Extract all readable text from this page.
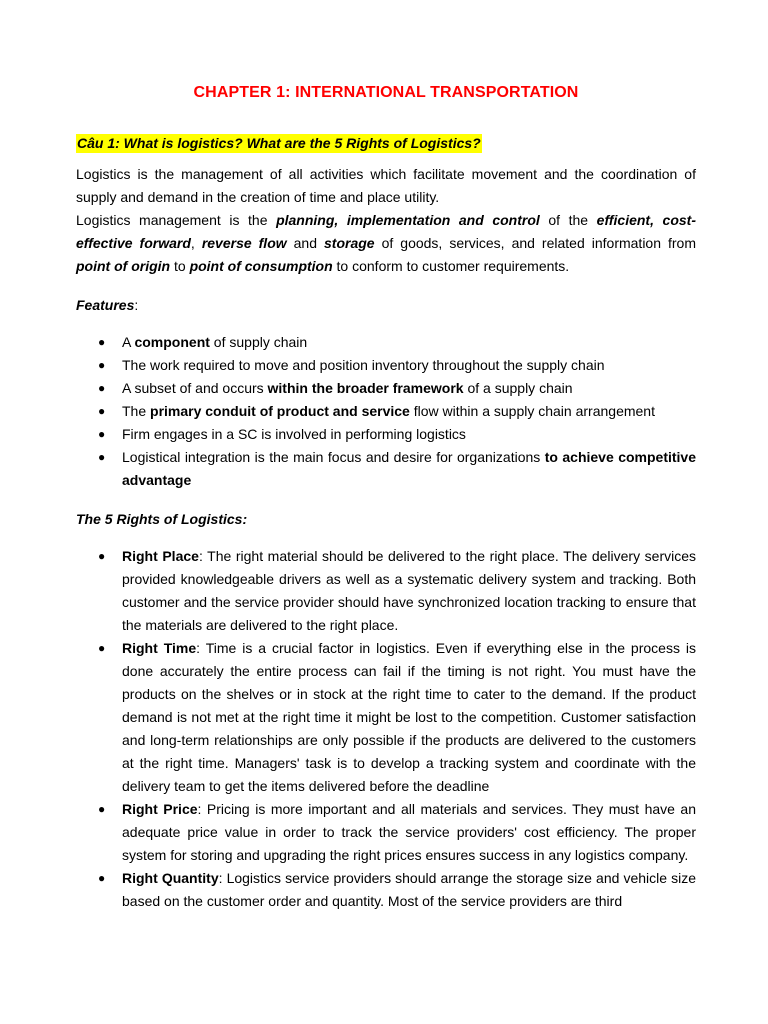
CHAPTER 1: INTERNATIONAL TRANSPORTATION
Câu 1: What is logistics? What are the 5 Rights of Logistics?

Logistics is the management of all activities which facilitate movement and the coordination of supply and demand in the creation of time and place utility.

Logistics management is the planning, implementation and control of the efficient, cost-effective forward, reverse flow and storage of goods, services, and related information from point of origin to point of consumption to conform to customer requirements.

Features:
● A component of supply chain
● The work required to move and position inventory throughout the supply chain
● A subset of and occurs within the broader framework of a supply chain
● The primary conduit of product and service flow within a supply chain arrangement
● Firm engages in a SC is involved in performing logistics
● Logistical integration is the main focus and desire for organizations to achieve competitive advantage
The 5 Rights of Logistics:
● Right Place: The right material should be delivered to the right place. The delivery services provided knowledgeable drivers as well as a systematic delivery system and tracking. Both customer and the service provider should have synchronized location tracking to ensure that the materials are delivered to the right place.
● Right Time: Time is a crucial factor in logistics. Even if everything else in the process is done accurately the entire process can fail if the timing is not right. You must have the products on the shelves or in stock at the right time to cater to the demand. If the product demand is not met at the right time it might be lost to the competition. Customer satisfaction and long-term relationships are only possible if the products are delivered to the customers at the right time. Managers' task is to develop a tracking system and coordinate with the delivery team to get the items delivered before the deadline
● Right Price: Pricing is more important and all materials and services. They must have an adequate price value in order to track the service providers' cost efficiency. The proper system for storing and upgrading the right prices ensures success in any logistics company.
● Right Quantity: Logistics service providers should arrange the storage size and vehicle size based on the customer order and quantity. Most of the service providers are third
